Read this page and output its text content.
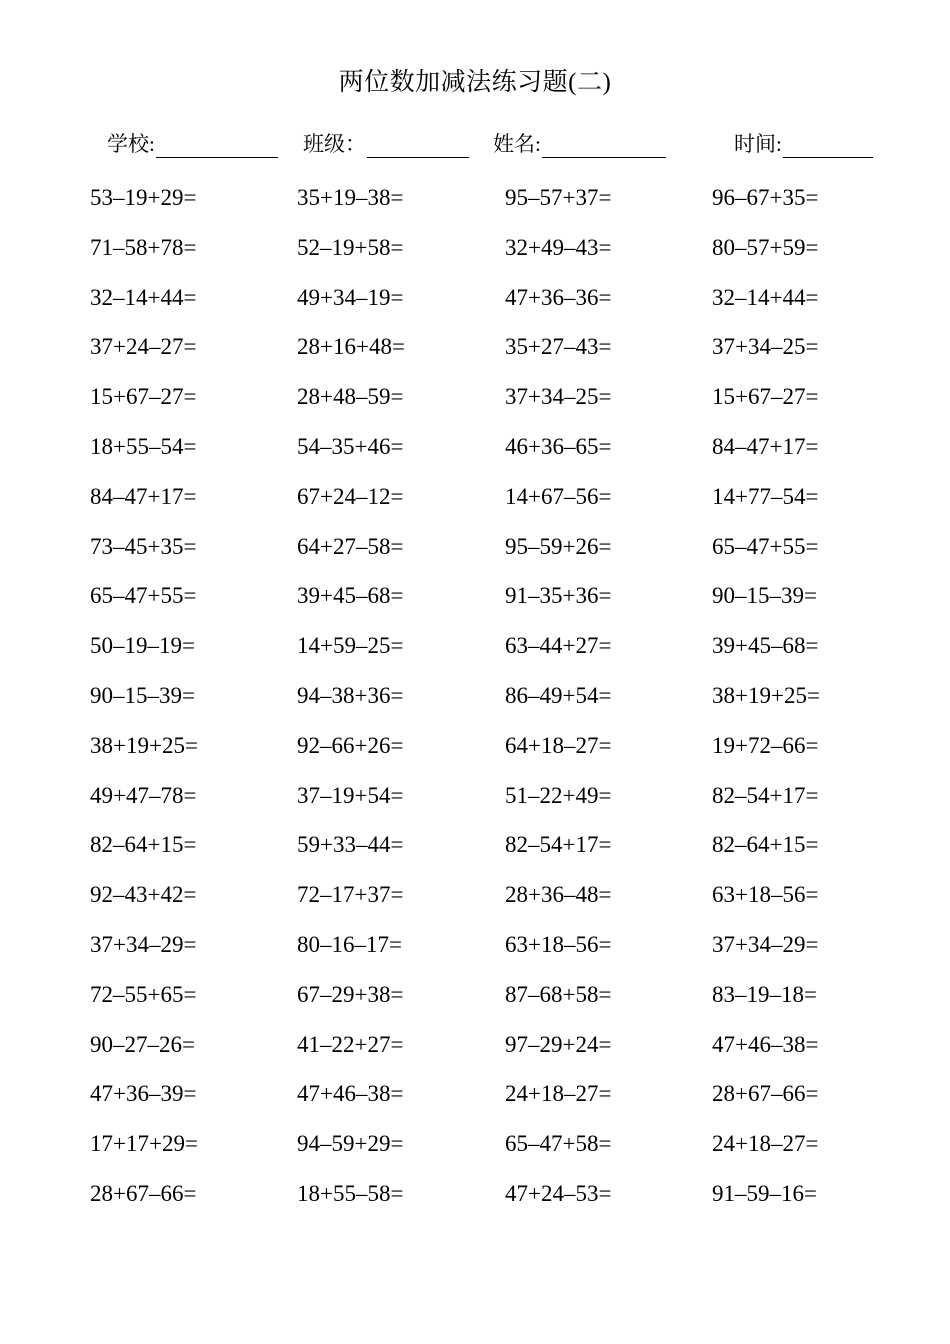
两位数加减法练习题(二)
学校:	班级：	姓名:	时间:
53–19+29=	35+19–38=	95–57+37=	96–67+35=
71–58+78=	52–19+58=	32+49–43=	80–57+59=
32–14+44=	49+34–19=	47+36–36=	32–14+44=
37+24–27=	28+16+48=	35+27–43=	37+34–25=
15+67–27=	28+48–59=	37+34–25=	15+67–27=
18+55–54=	54–35+46=	46+36–65=	84–47+17=
84–47+17=	67+24–12=	14+67–56=	14+77–54=
73–45+35=	64+27–58=	95–59+26=	65–47+55=
65–47+55=	39+45–68=	91–35+36=	90–15–39=
50–19–19=	14+59–25=	63–44+27=	39+45–68=
90–15–39=	94–38+36=	86–49+54=	38+19+25=
38+19+25=	92–66+26=	64+18–27=	19+72–66=
49+47–78=	37–19+54=	51–22+49=	82–54+17=
82–64+15=	59+33–44=	82–54+17=	82–64+15=
92–43+42=	72–17+37=	28+36–48=	63+18–56=
37+34–29=	80–16–17=	63+18–56=	37+34–29=
72–55+65=	67–29+38=	87–68+58=	83–19–18=
90–27–26=	41–22+27=	97–29+24=	47+46–38=
47+36–39=	47+46–38=	24+18–27=	28+67–66=
17+17+29=	94–59+29=	65–47+58=	24+18–27=
28+67–66=	18+55–58=	47+24–53=	91–59–16=
